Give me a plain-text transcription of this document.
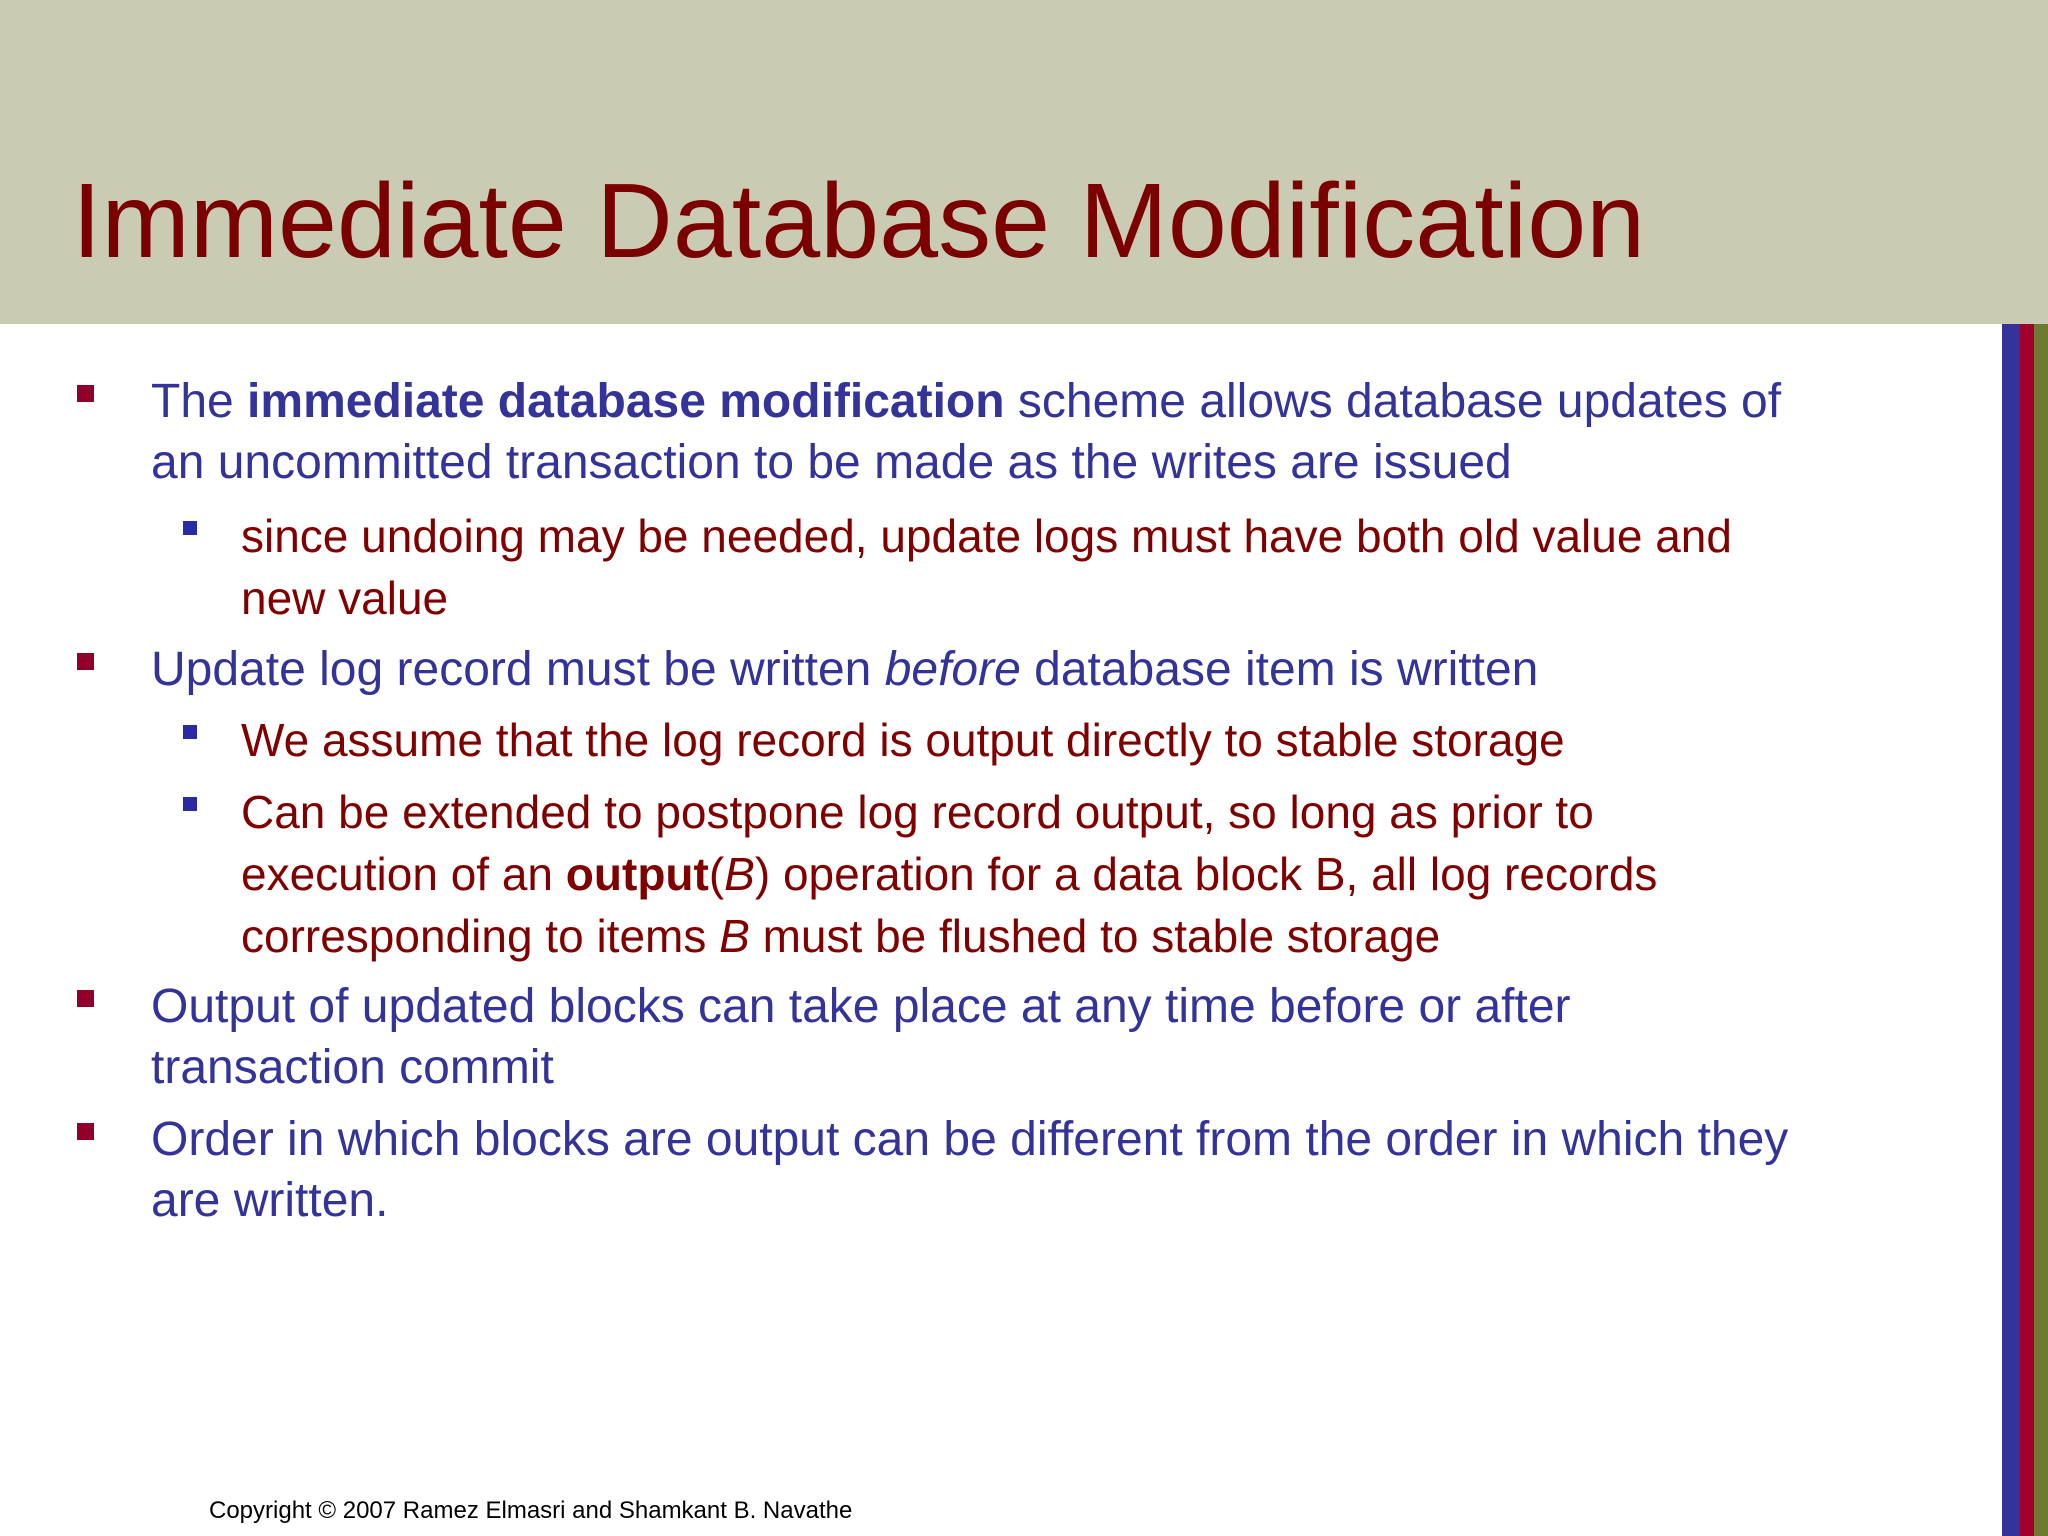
Immediate Database Modification
The immediate database modification scheme allows database updates of
an uncommitted transaction to be made as the writes are issued
since undoing may be needed, update logs must have both old value and
new value
Update log record must be written before database item is written
We assume that the log record is output directly to stable storage
Can be extended to postpone log record output, so long as prior to
execution of an output(B) operation for a data block B, all log records
corresponding to items B must be flushed to stable storage
Output of updated blocks can take place at any time before or after
transaction commit
Order in which blocks are output can be different from the order in which they
are written.

Copyright © 2007 Ramez Elmasri and Shamkant B. Navathe
